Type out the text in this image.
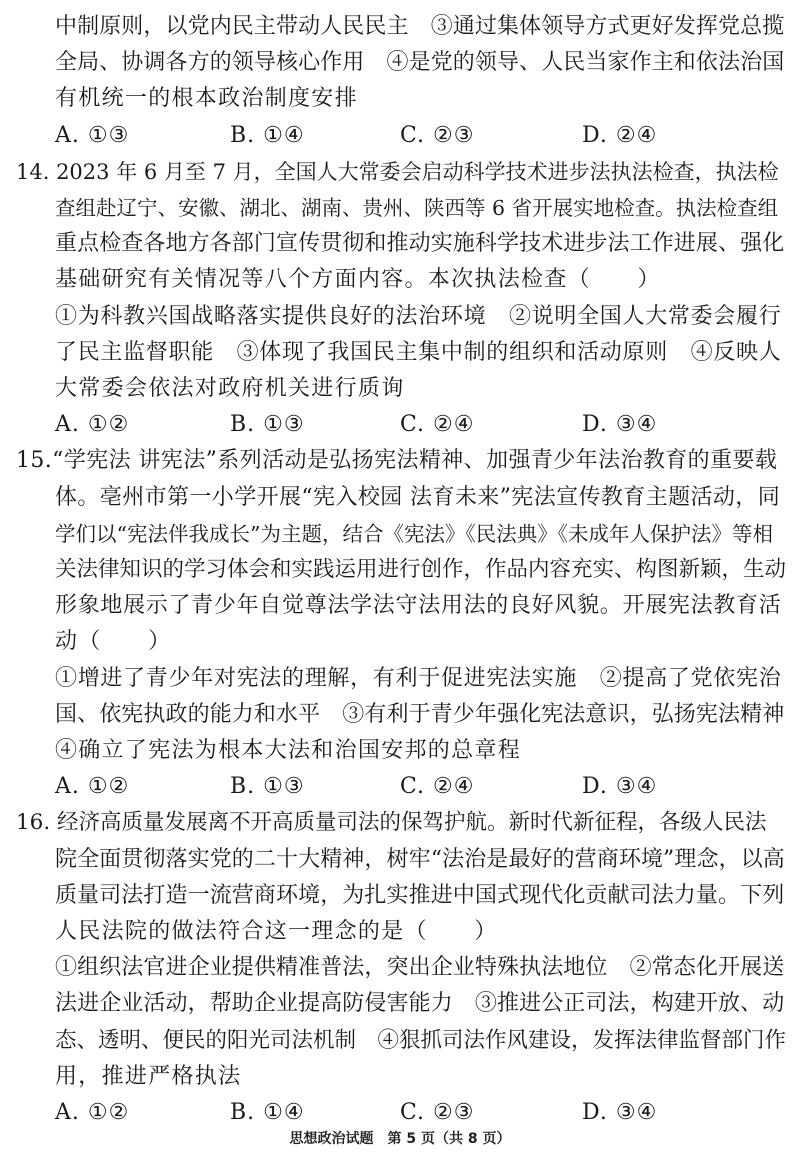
中制原则，以党内民主带动人民民主　③通过集体领导方式更好发挥党总揽
全局、协调各方的领导核心作用　④是党的领导、人民当家作主和依法治国
有机统一的根本政治制度安排
A. ①③	B. ①④	C. ②③	D. ②④
14. 2023 年 6 月至 7 月，全国人大常委会启动科学技术进步法执法检查，执法检
查组赴辽宁、安徽、湖北、湖南、贵州、陕西等 6 省开展实地检查。执法检查组
重点检查各地方各部门宣传贯彻和推动实施科学技术进步法工作进展、强化
基础研究有关情况等八个方面内容。本次执法检查（　　）
①为科教兴国战略落实提供良好的法治环境　②说明全国人大常委会履行
了民主监督职能　③体现了我国民主集中制的组织和活动原则　④反映人
大常委会依法对政府机关进行质询
A. ①②	B. ①③	C. ②④	D. ③④
15.“学宪法 讲宪法”系列活动是弘扬宪法精神、加强青少年法治教育的重要载
体。亳州市第一小学开展“宪入校园 法育未来”宪法宣传教育主题活动，同
学们以“宪法伴我成长”为主题，结合《宪法》《民法典》《未成年人保护法》等相
关法律知识的学习体会和实践运用进行创作，作品内容充实、构图新颖，生动
形象地展示了青少年自觉尊法学法守法用法的良好风貌。开展宪法教育活
动（　　）
①增进了青少年对宪法的理解，有利于促进宪法实施　②提高了党依宪治
国、依宪执政的能力和水平　③有利于青少年强化宪法意识，弘扬宪法精神
④确立了宪法为根本大法和治国安邦的总章程
A. ①②	B. ①③	C. ②④	D. ③④
16. 经济高质量发展离不开高质量司法的保驾护航。新时代新征程，各级人民法
院全面贯彻落实党的二十大精神，树牢“法治是最好的营商环境”理念，以高
质量司法打造一流营商环境，为扎实推进中国式现代化贡献司法力量。下列
人民法院的做法符合这一理念的是（　　）
①组织法官进企业提供精准普法，突出企业特殊执法地位　②常态化开展送
法进企业活动，帮助企业提高防侵害能力　③推进公正司法，构建开放、动
态、透明、便民的阳光司法机制　④狠抓司法作风建设，发挥法律监督部门作
用，推进严格执法
A. ①②	B. ①④	C. ②③	D. ③④
思想政治试题　第 5 页（共 8 页）
